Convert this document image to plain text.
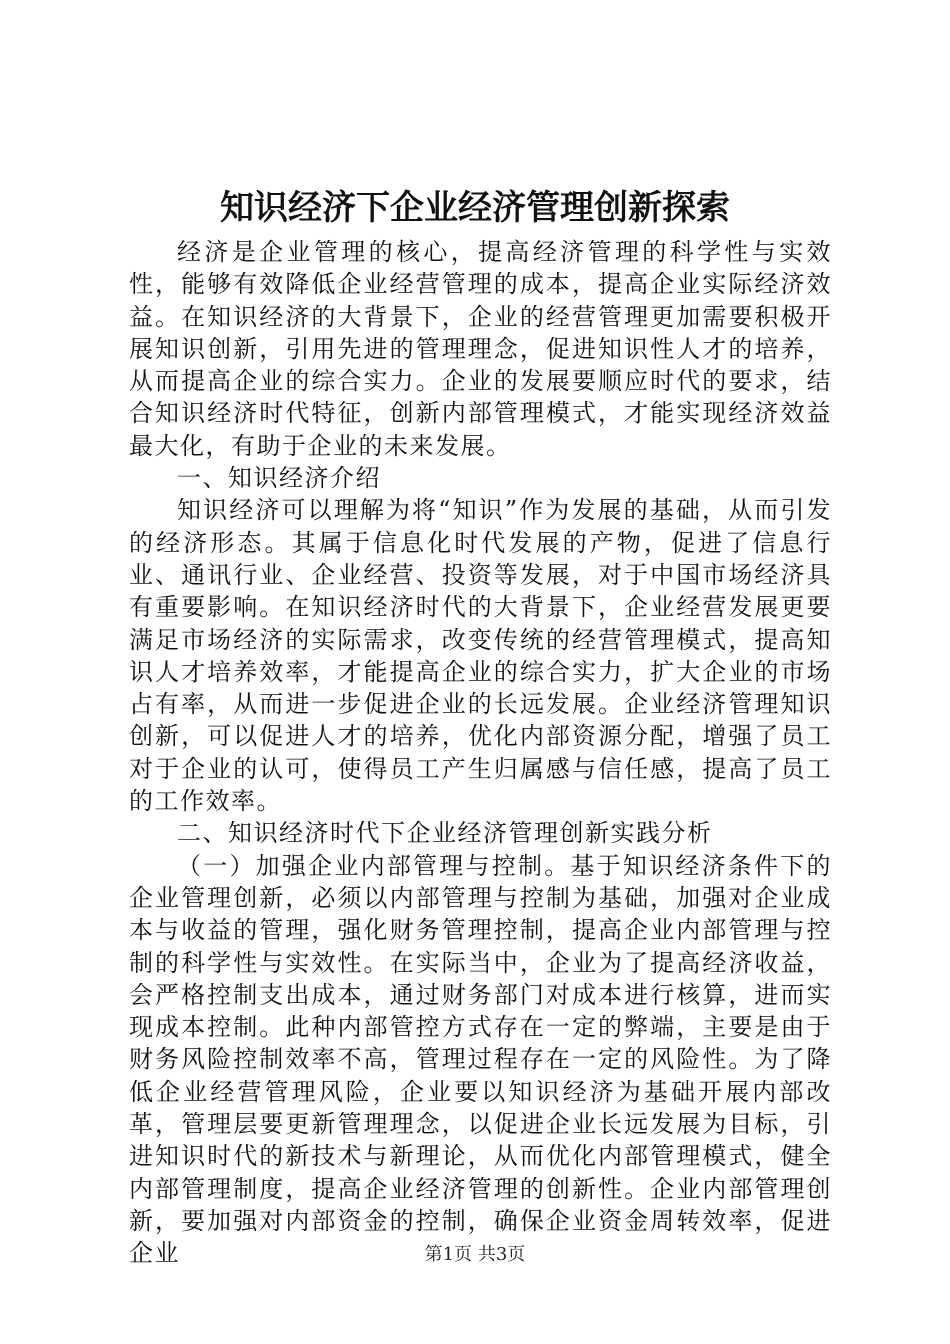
知识经济下企业经济管理创新探索

经济是企业管理的核心，提高经济管理的科学性与实效性，能够有效降低企业经营管理的成本，提高企业实际经济效益。在知识经济的大背景下，企业的经营管理更加需要积极开展知识创新，引用先进的管理理念，促进知识性人才的培养，从而提高企业的综合实力。企业的发展要顺应时代的要求，结合知识经济时代特征，创新内部管理模式，才能实现经济效益最大化，有助于企业的未来发展。

一、知识经济介绍

知识经济可以理解为将“知识”作为发展的基础，从而引发的经济形态。其属于信息化时代发展的产物，促进了信息行业、通讯行业、企业经营、投资等发展，对于中国市场经济具有重要影响。在知识经济时代的大背景下，企业经营发展更要满足市场经济的实际需求，改变传统的经营管理模式，提高知识人才培养效率，才能提高企业的综合实力，扩大企业的市场占有率，从而进一步促进企业的长远发展。企业经济管理知识创新，可以促进人才的培养，优化内部资源分配，增强了员工对于企业的认可，使得员工产生归属感与信任感，提高了员工的工作效率。

二、知识经济时代下企业经济管理创新实践分析

（一）加强企业内部管理与控制。基于知识经济条件下的企业管理创新，必须以内部管理与控制为基础，加强对企业成本与收益的管理，强化财务管理控制，提高企业内部管理与控制的科学性与实效性。在实际当中，企业为了提高经济收益，会严格控制支出成本，通过财务部门对成本进行核算，进而实现成本控制。此种内部管控方式存在一定的弊端，主要是由于财务风险控制效率不高，管理过程存在一定的风险性。为了降低企业经营管理风险，企业要以知识经济为基础开展内部改革，管理层要更新管理理念，以促进企业长远发展为目标，引进知识时代的新技术与新理论，从而优化内部管理模式，健全内部管理制度，提高企业经济管理的创新性。企业内部管理创新，要加强对内部资金的控制，确保企业资金周转效率，促进企业	第1页 共3页
